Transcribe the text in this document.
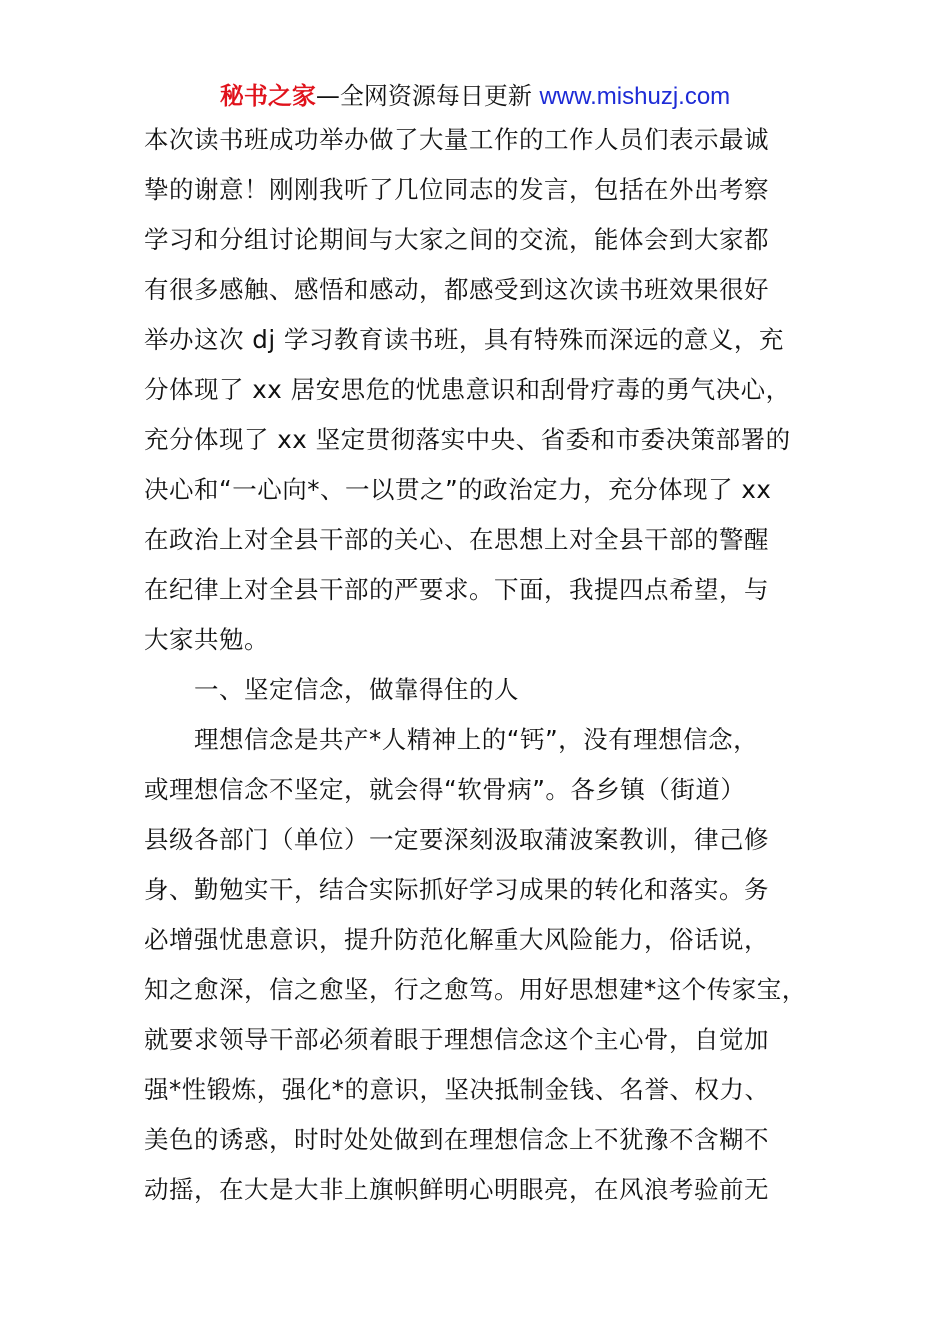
秘书之家—全网资源每日更新 www.mishuzj.com
本次读书班成功举办做了大量工作的工作人员们表示最诚
挚的谢意！刚刚我听了几位同志的发言，包括在外出考察
学习和分组讨论期间与大家之间的交流，能体会到大家都
有很多感触、感悟和感动，都感受到这次读书班效果很好
举办这次 dj 学习教育读书班，具有特殊而深远的意义，充
分体现了 xx 居安思危的忧患意识和刮骨疗毒的勇气决心，
充分体现了 xx 坚定贯彻落实中央、省委和市委决策部署的
决心和“一心向*、一以贯之”的政治定力，充分体现了 xx
在政治上对全县干部的关心、在思想上对全县干部的警醒
在纪律上对全县干部的严要求。下面，我提四点希望，与
大家共勉。
一、坚定信念，做靠得住的人
理想信念是共产*人精神上的“钙”，没有理想信念，
或理想信念不坚定，就会得“软骨病”。各乡镇（街道）
县级各部门（单位）一定要深刻汲取蒲波案教训，律己修
身、勤勉实干，结合实际抓好学习成果的转化和落实。务
必增强忧患意识，提升防范化解重大风险能力，俗话说，
知之愈深，信之愈坚，行之愈笃。用好思想建*这个传家宝，
就要求领导干部必须着眼于理想信念这个主心骨，自觉加
强*性锻炼，强化*的意识，坚决抵制金钱、名誉、权力、
美色的诱惑，时时处处做到在理想信念上不犹豫不含糊不
动摇，在大是大非上旗帜鲜明心明眼亮，在风浪考验前无
